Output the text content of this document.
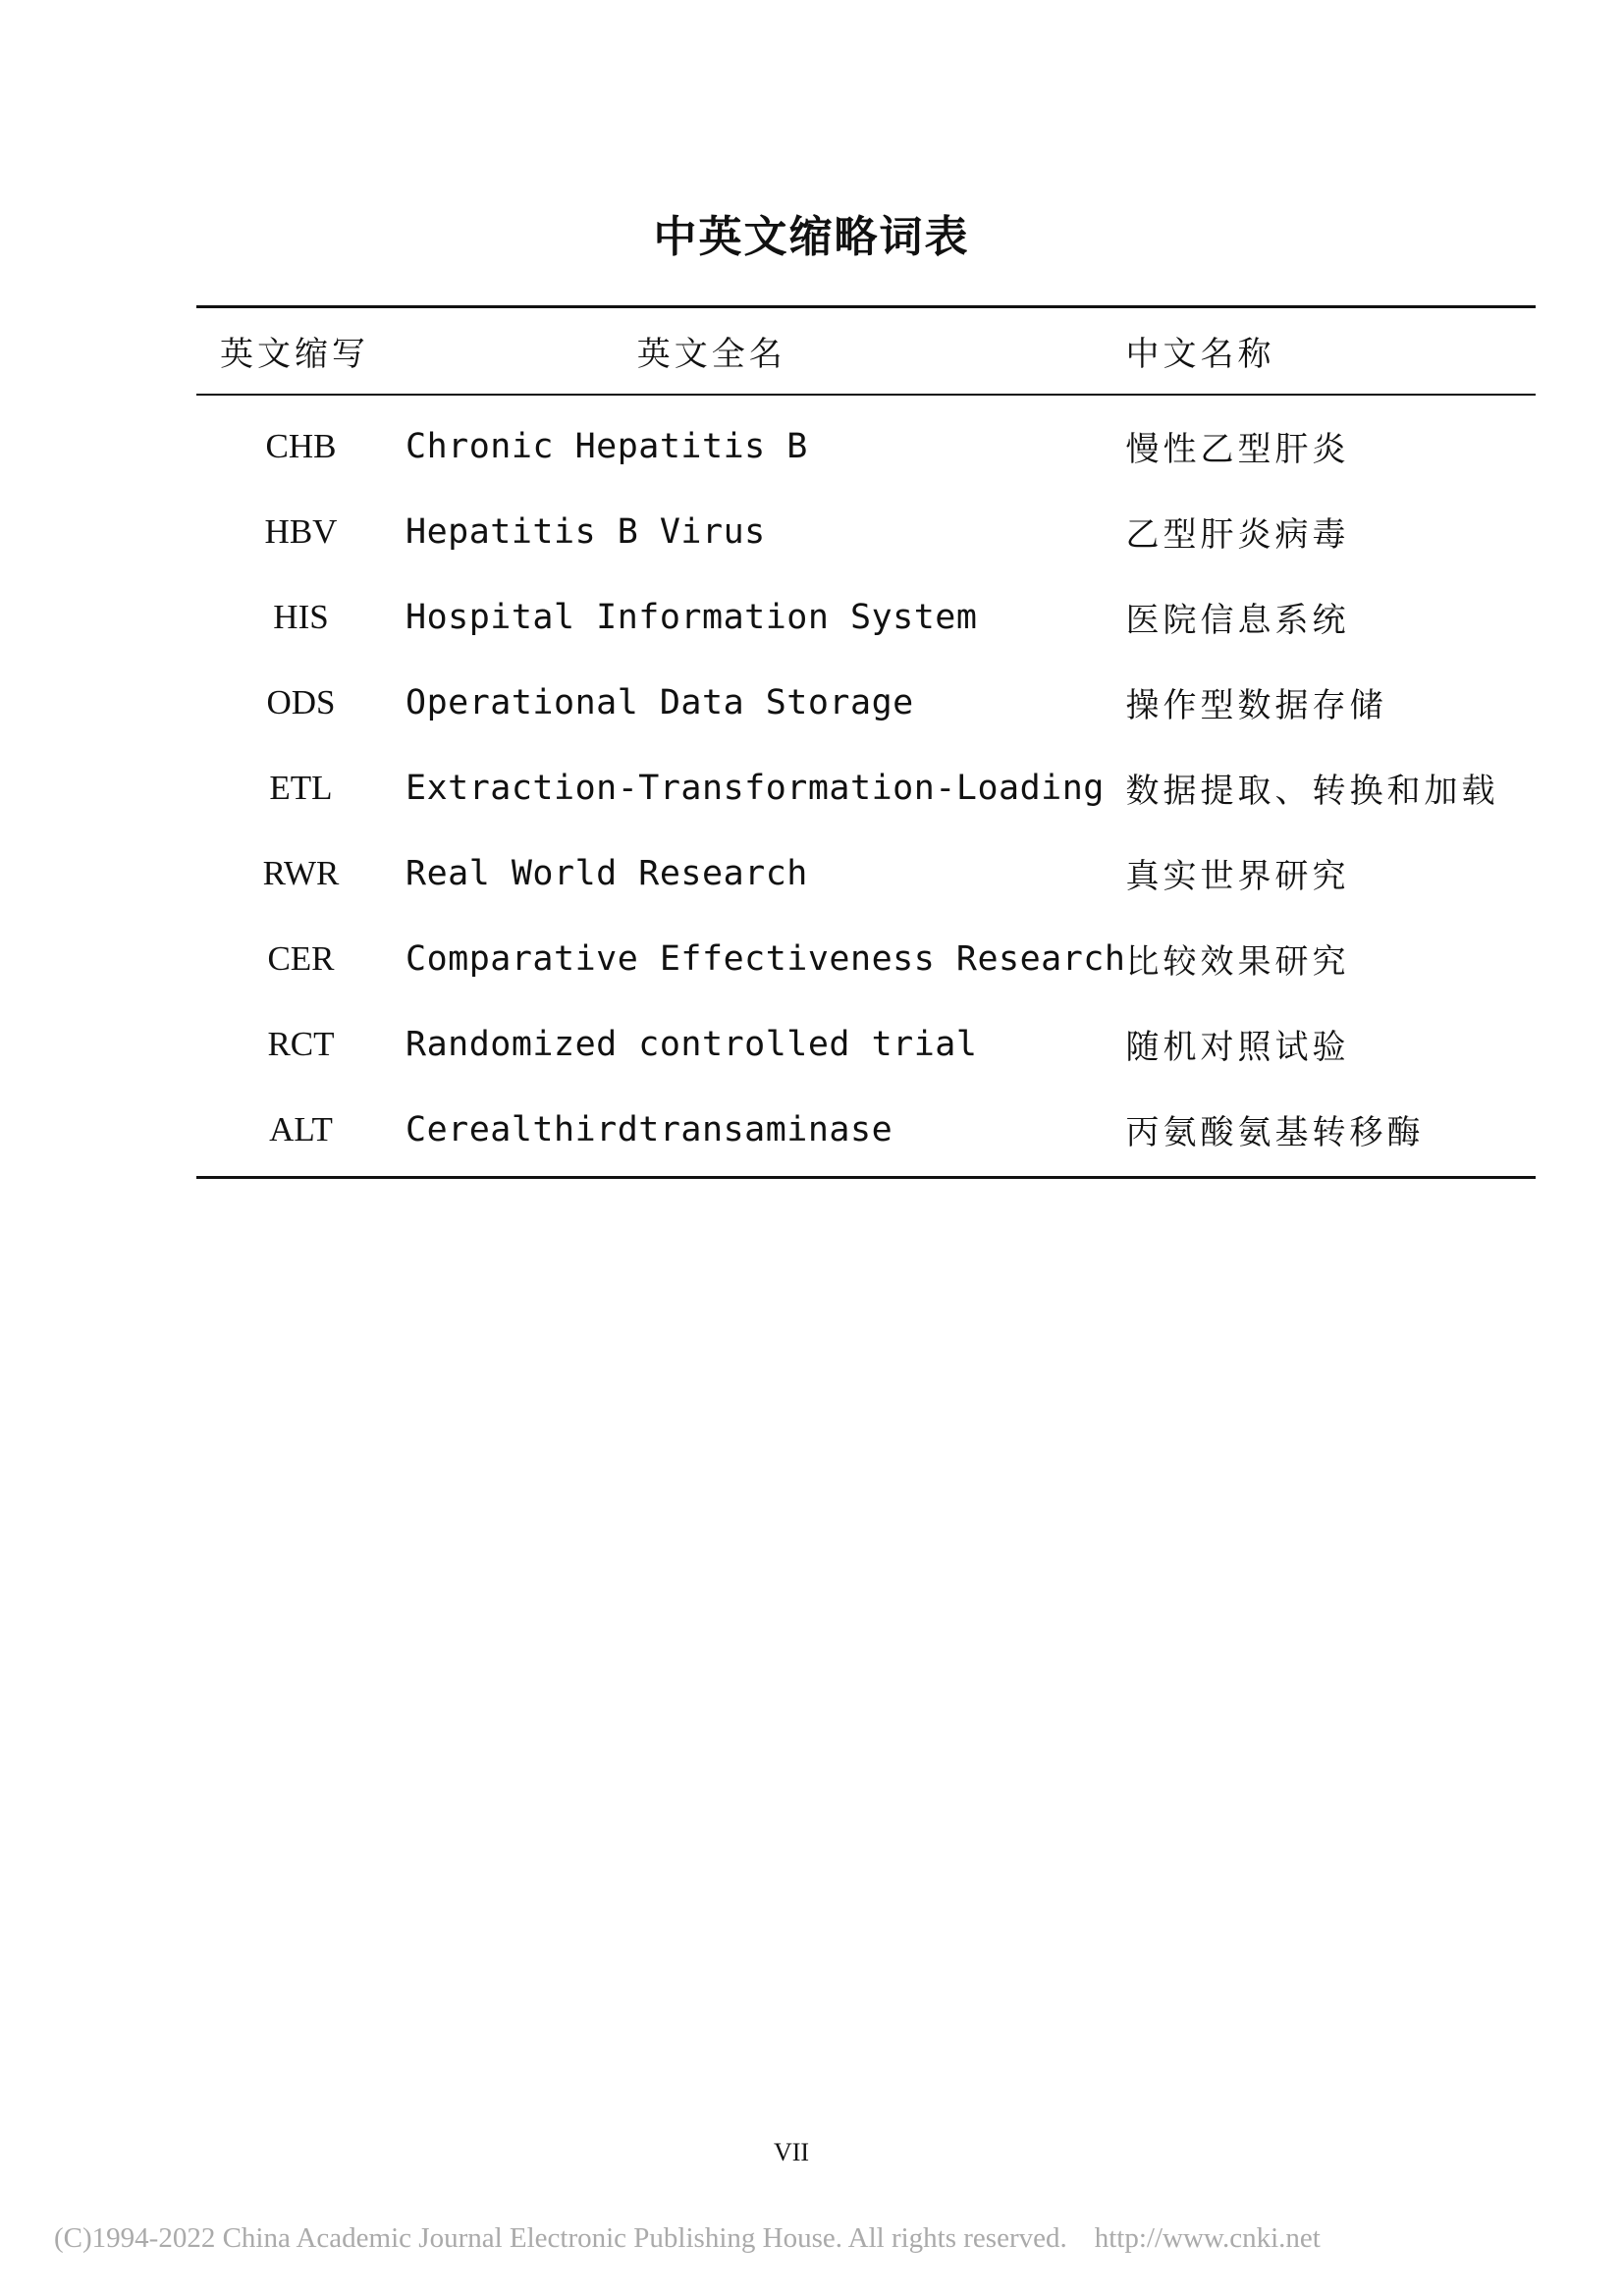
中英文缩略词表
英文缩写	英文全名	中文名称
CHB	Chronic Hepatitis B	慢性乙型肝炎
HBV	Hepatitis B Virus	乙型肝炎病毒
HIS	Hospital Information System	医院信息系统
ODS	Operational Data Storage	操作型数据存储
ETL	Extraction-Transformation-Loading	数据提取、转换和加载
RWR	Real World Research	真实世界研究
CER	Comparative Effectiveness Research	比较效果研究
RCT	Randomized controlled trial	随机对照试验
ALT	Cerealthirdtransaminase	丙氨酸氨基转移酶
VII
(C)1994-2022 China Academic Journal Electronic Publishing House. All rights reserved. http://www.cnki.net
